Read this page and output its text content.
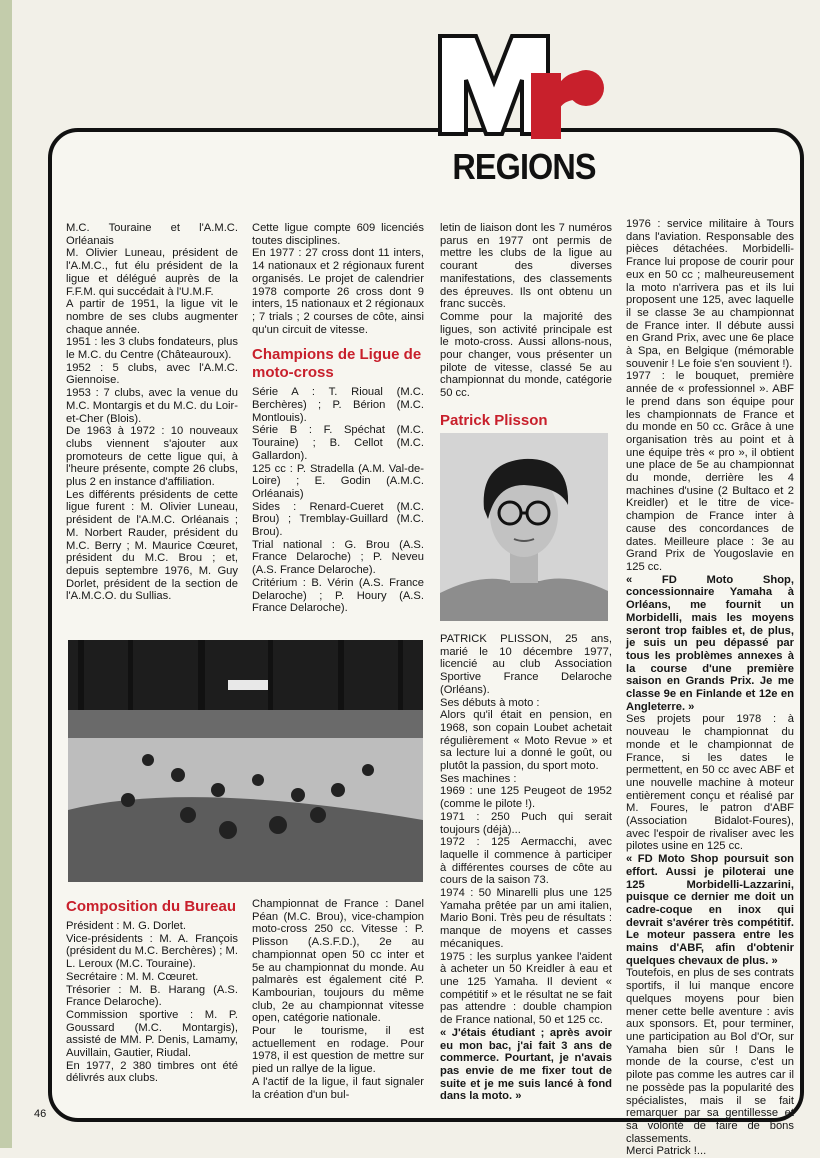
REGIONS

M.C. Touraine et l'A.M.C. Orléanais

M. Olivier Luneau, président de l'A.M.C., fut élu président de la ligue et délégué auprès de la F.F.M. qui succédait à l'U.M.F.

A partir de 1951, la ligue vit le nombre de ses clubs augmenter chaque année.

1951 : les 3 clubs fondateurs, plus le M.C. du Centre (Châteauroux).

1952 : 5 clubs, avec l'A.M.C. Giennoise.

1953 : 7 clubs, avec la venue du M.C. Montargis et du M.C. du Loir-et-Cher (Blois).

De 1963 à 1972 : 10 nouveaux clubs viennent s'ajouter aux promoteurs de cette ligue qui, à l'heure présente, compte 26 clubs, plus 2 en instance d'affiliation.

Les différents présidents de cette ligue furent : M. Olivier Luneau, président de l'A.M.C. Orléanais ; M. Norbert Rauder, président du M.C. Berry ; M. Maurice Cœuret, président du M.C. Brou ; et, depuis septembre 1976, M. Guy Dorlet, président de la section de l'A.M.C.O. du Sullias.

Cette ligue compte 609 licenciés toutes disciplines.

En 1977 : 27 cross dont 11 inters, 14 nationaux et 2 régionaux furent organisés. Le projet de calendrier 1978 comporte 26 cross dont 9 inters, 15 nationaux et 2 régionaux ; 7 trials ; 2 courses de côte, ainsi qu'un circuit de vitesse.

Champions de Ligue de moto-cross

Série A : T. Rioual (M.C. Berchères) ; P. Bérion (M.C. Montlouis).

Série B : F. Spéchat (M.C. Touraine) ; B. Cellot (M.C. Gallardon).

125 cc : P. Stradella (A.M. Val-de-Loire) ; E. Godin (A.M.C. Orléanais)

Sides : Renard-Cueret (M.C. Brou) ; Tremblay-Guillard (M.C. Brou).

Trial national : G. Brou (A.S. France Delaroche) ; P. Neveu (A.S. France Delaroche).

Critérium : B. Vérin (A.S. France Delaroche) ; P. Houry (A.S. France Delaroche).

letin de liaison dont les 7 numéros parus en 1977 ont permis de mettre les clubs de la ligue au courant des diverses manifestations, des classements des épreuves. Ils ont obtenu un franc succès.

Comme pour la majorité des ligues, son activité principale est le moto-cross. Aussi allons-nous, pour changer, vous présenter un pilote de vitesse, classé 5e au championnat du monde, catégorie 50 cc.

Patrick Plisson

PATRICK PLISSON, 25 ans, marié le 10 décembre 1977, licencié au club Association Sportive France Delaroche (Orléans).

Ses débuts à moto :

Alors qu'il était en pension, en 1968, son copain Loubet achetait régulièrement « Moto Revue » et sa lecture lui a donné le goût, ou plutôt la passion, du sport moto.

Ses machines :

1969 : une 125 Peugeot de 1952 (comme le pilote !).

1971 : 250 Puch qui serait toujours (déjà)...

1972 : 125 Aermacchi, avec laquelle il commence à participer à différentes courses de côte au cours de la saison 73.

1974 : 50 Minarelli plus une 125 Yamaha prêtée par un ami italien, Mario Boni. Très peu de résultats : manque de moyens et casses mécaniques.

1975 : les surplus yankee l'aident à acheter un 50 Kreidler à eau et une 125 Yamaha. Il devient « compétitif » et le résultat ne se fait pas attendre : double champion de France national, 50 et 125 cc.

« J'étais étudiant ; après avoir eu mon bac, j'ai fait 3 ans de commerce. Pourtant, je n'avais pas envie de me fixer tout de suite et je me suis lancé à fond dans la moto. »

1976 : service militaire à Tours dans l'aviation. Responsable des pièces détachées. Morbidelli-France lui propose de courir pour eux en 50 cc ; malheureusement la moto n'arrivera pas et ils lui proposent une 125, avec laquelle il se classe 3e au championnat de France inter. Il débute aussi en Grand Prix, avec une 6e place à Spa, en Belgique (mémorable souvenir ! Le foie s'en souvient !).

1977 : le bouquet, première année de « professionnel ». ABF le prend dans son équipe pour les championnats de France et du monde en 50 cc. Grâce à une organisation très au point et à une équipe très « pro », il obtient une place de 5e au championnat du monde, derrière les 4 machines d'usine (2 Bultaco et 2 Kreidler) et le titre de vice-champion de France inter à cause des concordances de dates. Meilleure place : 3e au Grand Prix de Yougoslavie en 125 cc.

« FD Moto Shop, concessionnaire Yamaha à Orléans, me fournit un Morbidelli, mais les moyens seront trop faibles et, de plus, je suis un peu dépassé par tous les problèmes annexes à la course d'une première saison en Grands Prix. Je me classe 9e en Finlande et 12e en Angleterre. »

Ses projets pour 1978 : à nouveau le championnat du monde et le championnat de France, si les dates le permettent, en 50 cc avec ABF et une nouvelle machine à moteur entièrement conçu et réalisé par M. Foures, le patron d'ABF (Association Bidalot-Foures), avec l'espoir de rivaliser avec les pilotes usine en 125 cc.

« FD Moto Shop poursuit son effort. Aussi je piloterai une 125 Morbidelli-Lazzarini, puisque ce dernier me doit un cadre-coque en inox qui devrait s'avérer très compétitif. Le moteur passera entre les mains d'ABF, afin d'obtenir quelques chevaux de plus. »

Toutefois, en plus de ses contrats sportifs, il lui manque encore quelques moyens pour bien mener cette belle aventure : avis aux sponsors. Et, pour terminer, une participation au Bol d'Or, sur Yamaha bien sûr ! Dans le monde de la course, c'est un pilote pas comme les autres car il ne possède pas la popularité des spécialistes, mais il se fait remarquer par sa gentillesse et sa volonté de faire de bons classements.

Merci Patrick !...

Composition du Bureau

Président : M. G. Dorlet.

Vice-présidents : M. A. François (président du M.C. Berchères) ; M. L. Leroux (M.C. Touraine).

Secrétaire : M. M. Cœuret.

Trésorier : M. B. Harang (A.S. France Delaroche).

Commission sportive : M. P. Goussard (M.C. Montargis), assisté de MM. P. Denis, Lamamy, Auvillain, Gautier, Riudal.

En 1977, 2 380 timbres ont été délivrés aux clubs.

Championnat de France : Danel Péan (M.C. Brou), vice-champion moto-cross 250 cc. Vitesse : P. Plisson (A.S.F.D.), 2e au championnat open 50 cc inter et 5e au championnat du monde. Au palmarès est également cité P. Kambourian, toujours du même club, 2e au championnat vitesse open, catégorie nationale.

Pour le tourisme, il est actuellement en rodage. Pour 1978, il est question de mettre sur pied un rallye de la ligue.

A l'actif de la ligue, il faut signaler la création d'un bul-

46
